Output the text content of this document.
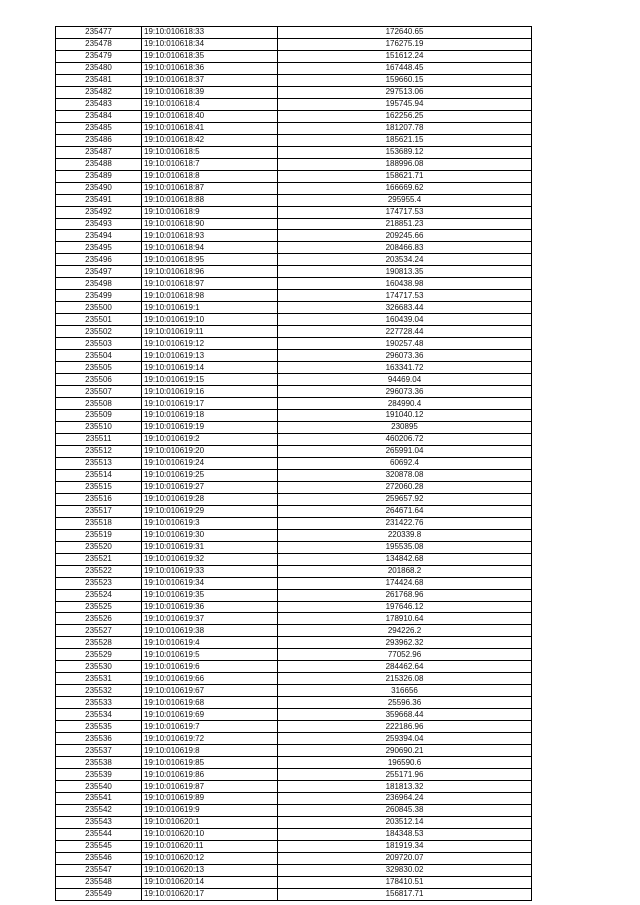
235477	19:10:010618:33	172640.65
235478	19:10:010618:34	176275.19
235479	19:10:010618:35	151612.24
235480	19:10:010618:36	167448.45
235481	19:10:010618:37	159660.15
235482	19:10:010618:39	297513.06
235483	19:10:010618:4	195745.94
235484	19:10:010618:40	162256.25
235485	19:10:010618:41	181207.78
235486	19:10:010618:42	185621.15
235487	19:10:010618:5	153689.12
235488	19:10:010618:7	188996.08
235489	19:10:010618:8	158621.71
235490	19:10:010618:87	166669.62
235491	19:10:010618:88	295955.4
235492	19:10:010618:9	174717.53
235493	19:10:010618:90	218851.23
235494	19:10:010618:93	209245.66
235495	19:10:010618:94	208466.83
235496	19:10:010618:95	203534.24
235497	19:10:010618:96	190813.35
235498	19:10:010618:97	160438.98
235499	19:10:010618:98	174717.53
235500	19:10:010619:1	326683.44
235501	19:10:010619:10	160439.04
235502	19:10:010619:11	227728.44
235503	19:10:010619:12	190257.48
235504	19:10:010619:13	296073.36
235505	19:10:010619:14	163341.72
235506	19:10:010619:15	94469.04
235507	19:10:010619:16	296073.36
235508	19:10:010619:17	284990.4
235509	19:10:010619:18	191040.12
235510	19:10:010619:19	230895
235511	19:10:010619:2	460206.72
235512	19:10:010619:20	265991.04
235513	19:10:010619:24	60692.4
235514	19:10:010619:25	320878.08
235515	19:10:010619:27	272060.28
235516	19:10:010619:28	259657.92
235517	19:10:010619:29	264671.64
235518	19:10:010619:3	231422.76
235519	19:10:010619:30	220339.8
235520	19:10:010619:31	195535.08
235521	19:10:010619:32	134842.68
235522	19:10:010619:33	201868.2
235523	19:10:010619:34	174424.68
235524	19:10:010619:35	261768.96
235525	19:10:010619:36	197646.12
235526	19:10:010619:37	178910.64
235527	19:10:010619:38	294226.2
235528	19:10:010619:4	293962.32
235529	19:10:010619:5	77052.96
235530	19:10:010619:6	284462.64
235531	19:10:010619:66	215326.08
235532	19:10:010619:67	316656
235533	19:10:010619:68	25596.36
235534	19:10:010619:69	359668.44
235535	19:10:010619:7	222186.96
235536	19:10:010619:72	259394.04
235537	19:10:010619:8	290690.21
235538	19:10:010619:85	196590.6
235539	19:10:010619:86	255171.96
235540	19:10:010619:87	181813.32
235541	19:10:010619:89	236964.24
235542	19:10:010619:9	260845.38
235543	19:10:010620:1	203512.14
235544	19:10:010620:10	184348.53
235545	19:10:010620:11	181919.34
235546	19:10:010620:12	209720.07
235547	19:10:010620:13	329830.02
235548	19:10:010620:14	178410.51
235549	19:10:010620:17	156817.71
